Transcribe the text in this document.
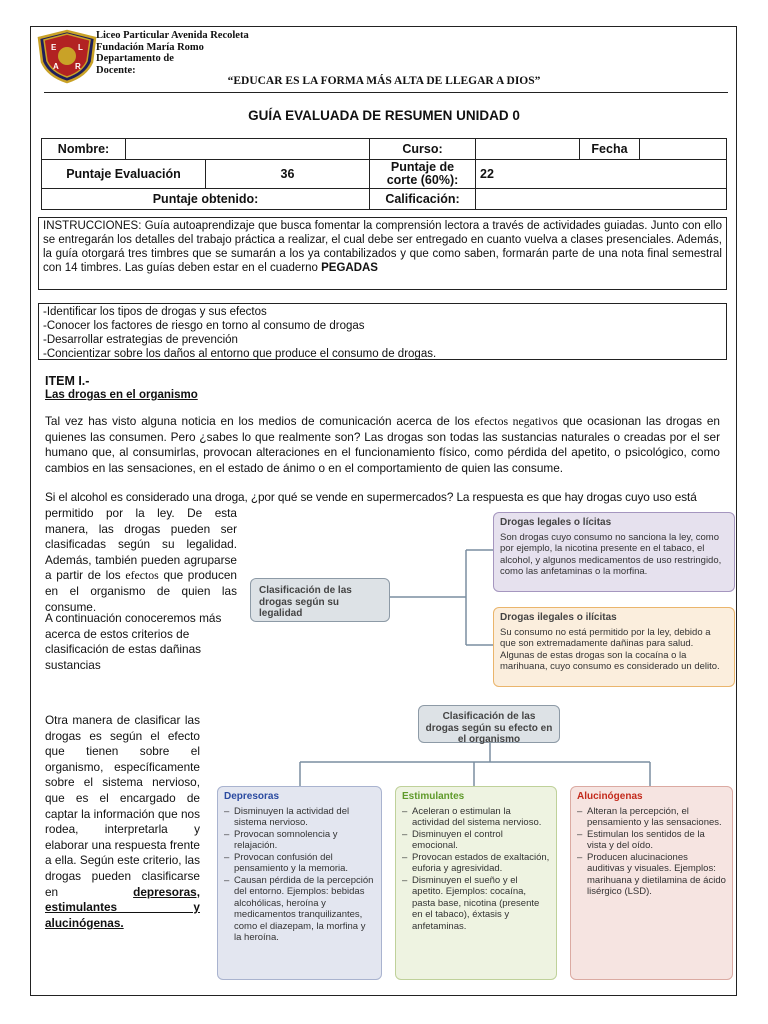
E	L
A R
Liceo Particular Avenida Recoleta
Fundación María Romo
Departamento de
Docente:
“EDUCAR ES LA FORMA MÁS ALTA DE LLEGAR A DIOS”
GUÍA EVALUADA DE RESUMEN UNIDAD 0
Nombre:			Curso:		Fecha	
Puntaje Evaluación		36	Puntaje de corte (60%):	22		
Puntaje obtenido:			Calificación:			
INSTRUCCIONES: Guía autoaprendizaje que busca fomentar la comprensión lectora a través de actividades guiadas. Junto con ello se entregarán los detalles del trabajo práctica a realizar, el cual debe ser entregado en cuanto vuelva a clases presenciales. Además, la guía otorgará tres timbres que se sumarán a los ya contabilizados y que como saben, formarán parte de una nota final semestral con 14 timbres. Las guías deben estar en el cuaderno PEGADAS
-Identificar los tipos de drogas y sus efectos
-Conocer los factores de riesgo en torno al consumo de drogas
-Desarrollar estrategias de prevención
-Concientizar sobre los daños al entorno que produce el consumo de drogas.
ITEM I.-
Las drogas en el organismo
Tal vez has visto alguna noticia en los medios de comunicación acerca de los efectos negativos que ocasionan las drogas en quienes las consumen. Pero ¿sabes lo que realmente son? Las drogas son todas las sustancias naturales o creadas por el ser humano que, al consumirlas, provocan alteraciones en el funcionamiento físico, como pérdida del apetito, o psicológico, como cambios en las sensaciones, en el estado de ánimo o en el comportamiento de quien las consume.
Si el alcohol es considerado una droga, ¿por qué se vende en supermercados? La respuesta es que hay drogas cuyo uso está
permitido por la ley. De esta manera, las drogas pueden ser clasificadas según su legalidad. Además, también pueden agruparse a partir de los efectos que producen en el organismo de quien las consume.
A continuación conoceremos más acerca de estos criterios de clasificación de estas dañinas sustancias
Clasificación de las drogas según su legalidad
Drogas legales o lícitas
Son drogas cuyo consumo no sanciona la ley, como por ejemplo, la nicotina presente en el tabaco, el alcohol, y algunos medicamentos de uso restringido, como las anfetaminas o la morfina.
Drogas ilegales o ilícitas
Su consumo no está permitido por la ley, debido a que son extremadamente dañinas para salud. Algunas de estas drogas son la cocaína o la marihuana, cuyo consumo es considerado un delito.
Otra manera de clasificar las drogas es según el efecto que tienen sobre el organismo, específicamente sobre el sistema nervioso, que es el encargado de captar la información que nos rodea, interpretarla y elaborar una respuesta frente a ella. Según este criterio, las drogas pueden clasificarse en depresoras, estimulantes y alucinógenas.
Clasificación de las drogas según su efecto en el organismo
Depresoras
– Disminuyen la actividad del sistema nervioso.
– Provocan somnolencia y relajación.
– Provocan confusión del pensamiento y la memoria.
– Causan pérdida de la percepción del entorno. Ejemplos: bebidas alcohólicas, heroína y medicamentos tranquilizantes, como el diazepam, la morfina y la heroína.
Estimulantes
– Aceleran o estimulan la actividad del sistema nervioso.
– Disminuyen el control emocional.
– Provocan estados de exaltación, euforia y agresividad.
– Disminuyen el sueño y el apetito. Ejemplos: cocaína, pasta base, nicotina (presente en el tabaco), éxtasis y anfetaminas.
Alucinógenas
– Alteran la percepción, el pensamiento y las sensaciones.
– Estimulan los sentidos de la vista y del oído.
– Producen alucinaciones auditivas y visuales. Ejemplos: marihuana y dietilamina de ácido lisérgico (LSD).
